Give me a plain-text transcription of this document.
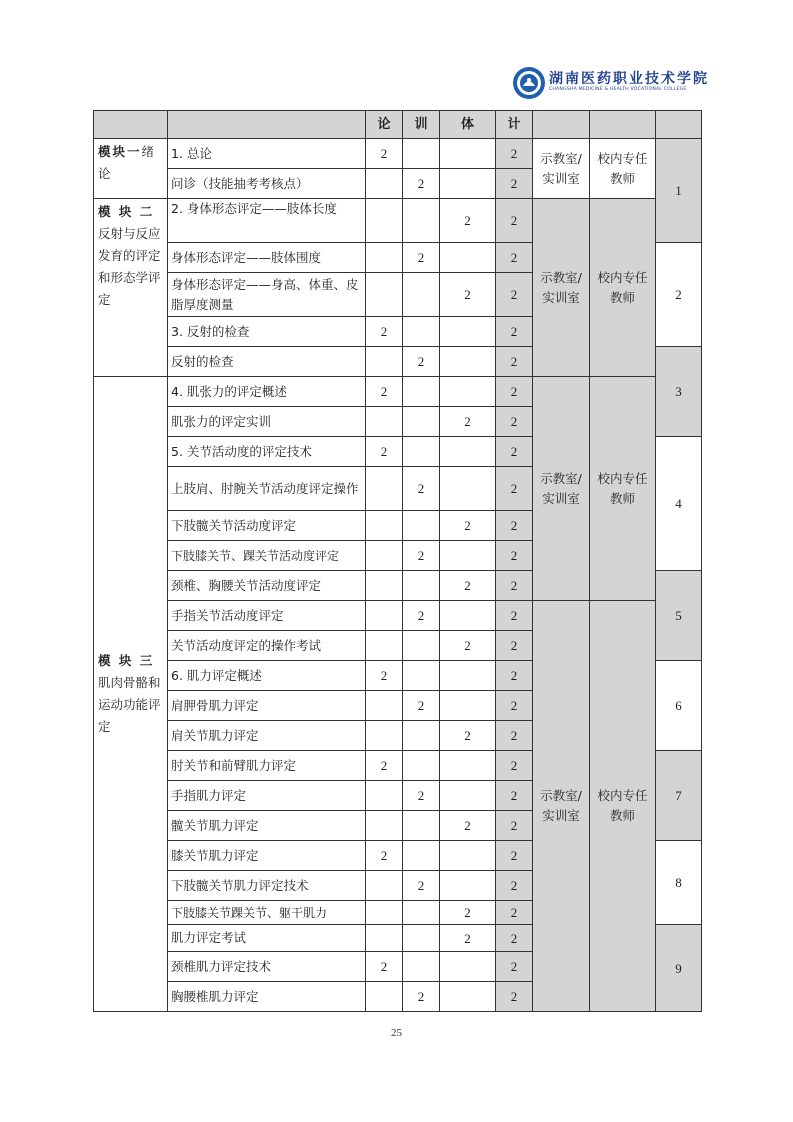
湖南医药职业技术学院
CHANGSHA MEDICINE & HEALTH VOCATIONAL COLLEGE
		论	训	体	计				
模块一绪论	1. 总论	2			2	示教室/实训室	校内专任教师	1	
	问诊（技能抽考考核点）		2		2				
模 块 二
反射与反应发育的评定和形态学评定	2. 身体形态评定——肢体长度			2	2	示教室/实训室	校内专任教师		
	身体形态评定——肢体围度		2		2			2	
	身体形态评定——身高、体重、皮脂厚度测量			2	2				
	3. 反射的检查	2			2				
	反射的检查		2		2			3	
模 块 三
肌肉骨骼和运动功能评定	4. 肌张力的评定概述	2			2	示教室/实训室	校内专任教师		
	肌张力的评定实训			2	2				
	5. 关节活动度的评定技术	2			2			4	
	上肢肩、肘腕关节活动度评定操作		2		2				
	下肢髋关节活动度评定			2	2				
	下肢膝关节、踝关节活动度评定		2		2				
	颈椎、胸腰关节活动度评定			2	2			5	
	手指关节活动度评定		2		2	示教室/实训室	校内专任教师		
	关节活动度评定的操作考试			2	2				
	6. 肌力评定概述	2			2			6	
	肩胛骨肌力评定		2		2				
	肩关节肌力评定			2	2				
	肘关节和前臂肌力评定	2			2			7	
	手指肌力评定		2		2				
	髋关节肌力评定			2	2				
	膝关节肌力评定	2			2			8	
	下肢髋关节肌力评定技术		2		2				
	下肢膝关节踝关节、躯干肌力			2	2				
	肌力评定考试			2	2			9	
	颈椎肌力评定技术	2			2				
	胸腰椎肌力评定		2		2	
25
